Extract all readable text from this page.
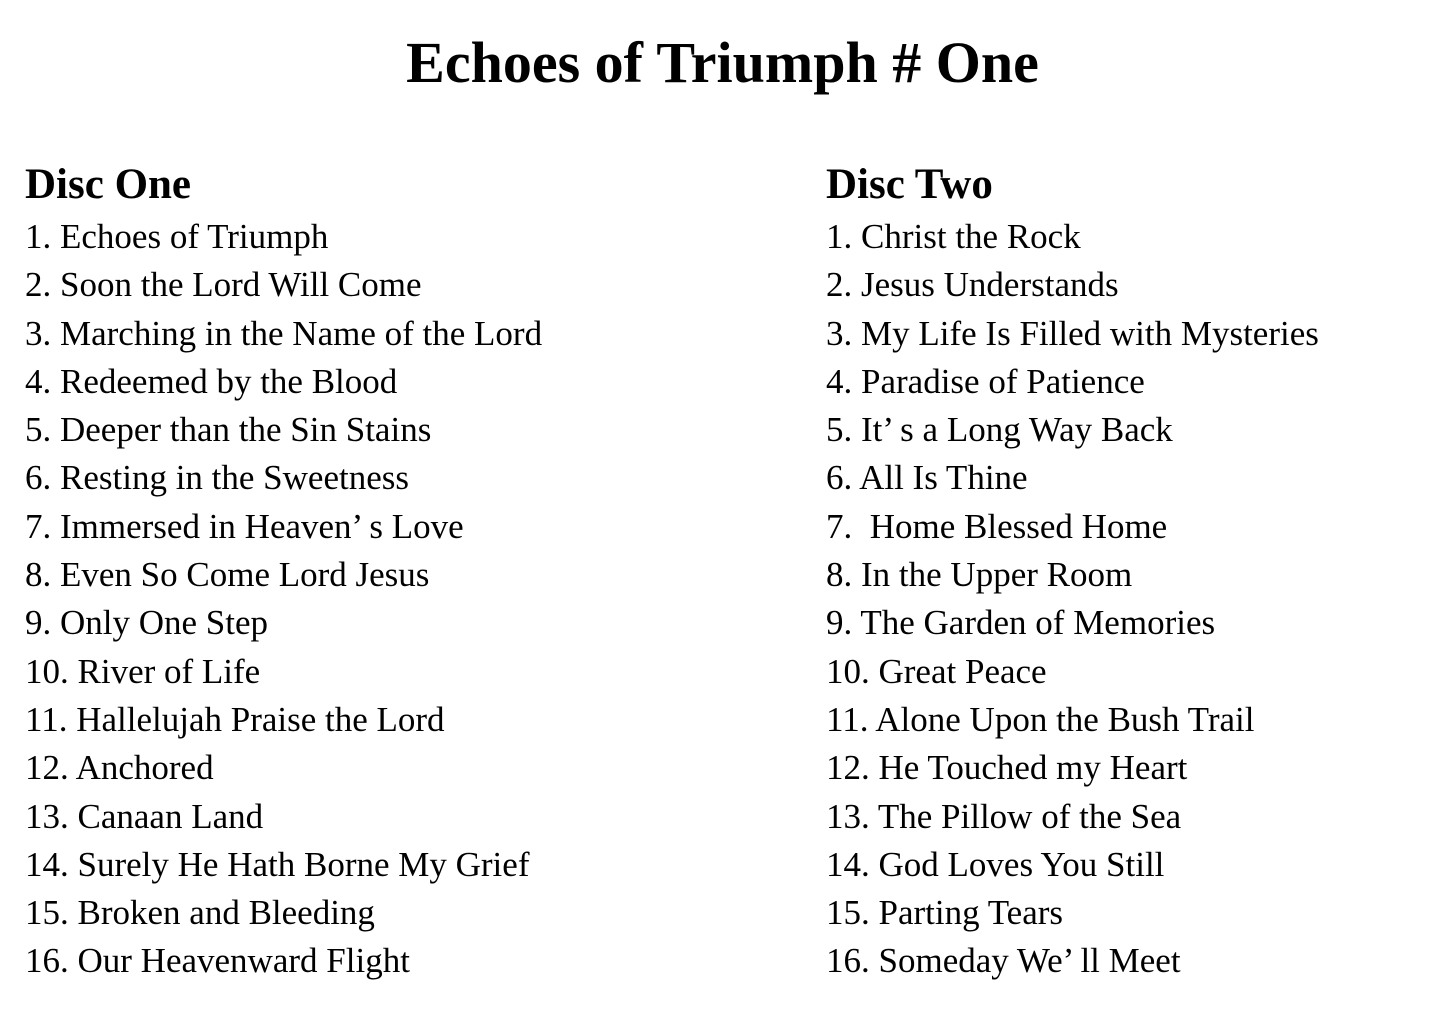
Echoes of Triumph # One
Disc One
1. Echoes of Triumph
2. Soon the Lord Will Come
3. Marching in the Name of the Lord
4. Redeemed by the Blood
5. Deeper than the Sin Stains
6. Resting in the Sweetness
7. Immersed in Heaven’ s Love
8. Even So Come Lord Jesus
9. Only One Step
10. River of Life
11. Hallelujah Praise the Lord
12. Anchored
13. Canaan Land
14. Surely He Hath Borne My Grief
15. Broken and Bleeding
16. Our Heavenward Flight
Disc Two
1. Christ the Rock
2. Jesus Understands
3. My Life Is Filled with Mysteries
4. Paradise of Patience
5. It’ s a Long Way Back
6. All Is Thine
7.  Home Blessed Home
8. In the Upper Room
9. The Garden of Memories
10. Great Peace
11. Alone Upon the Bush Trail
12. He Touched my Heart
13. The Pillow of the Sea
14. God Loves You Still
15. Parting Tears
16. Someday We’ ll Meet
